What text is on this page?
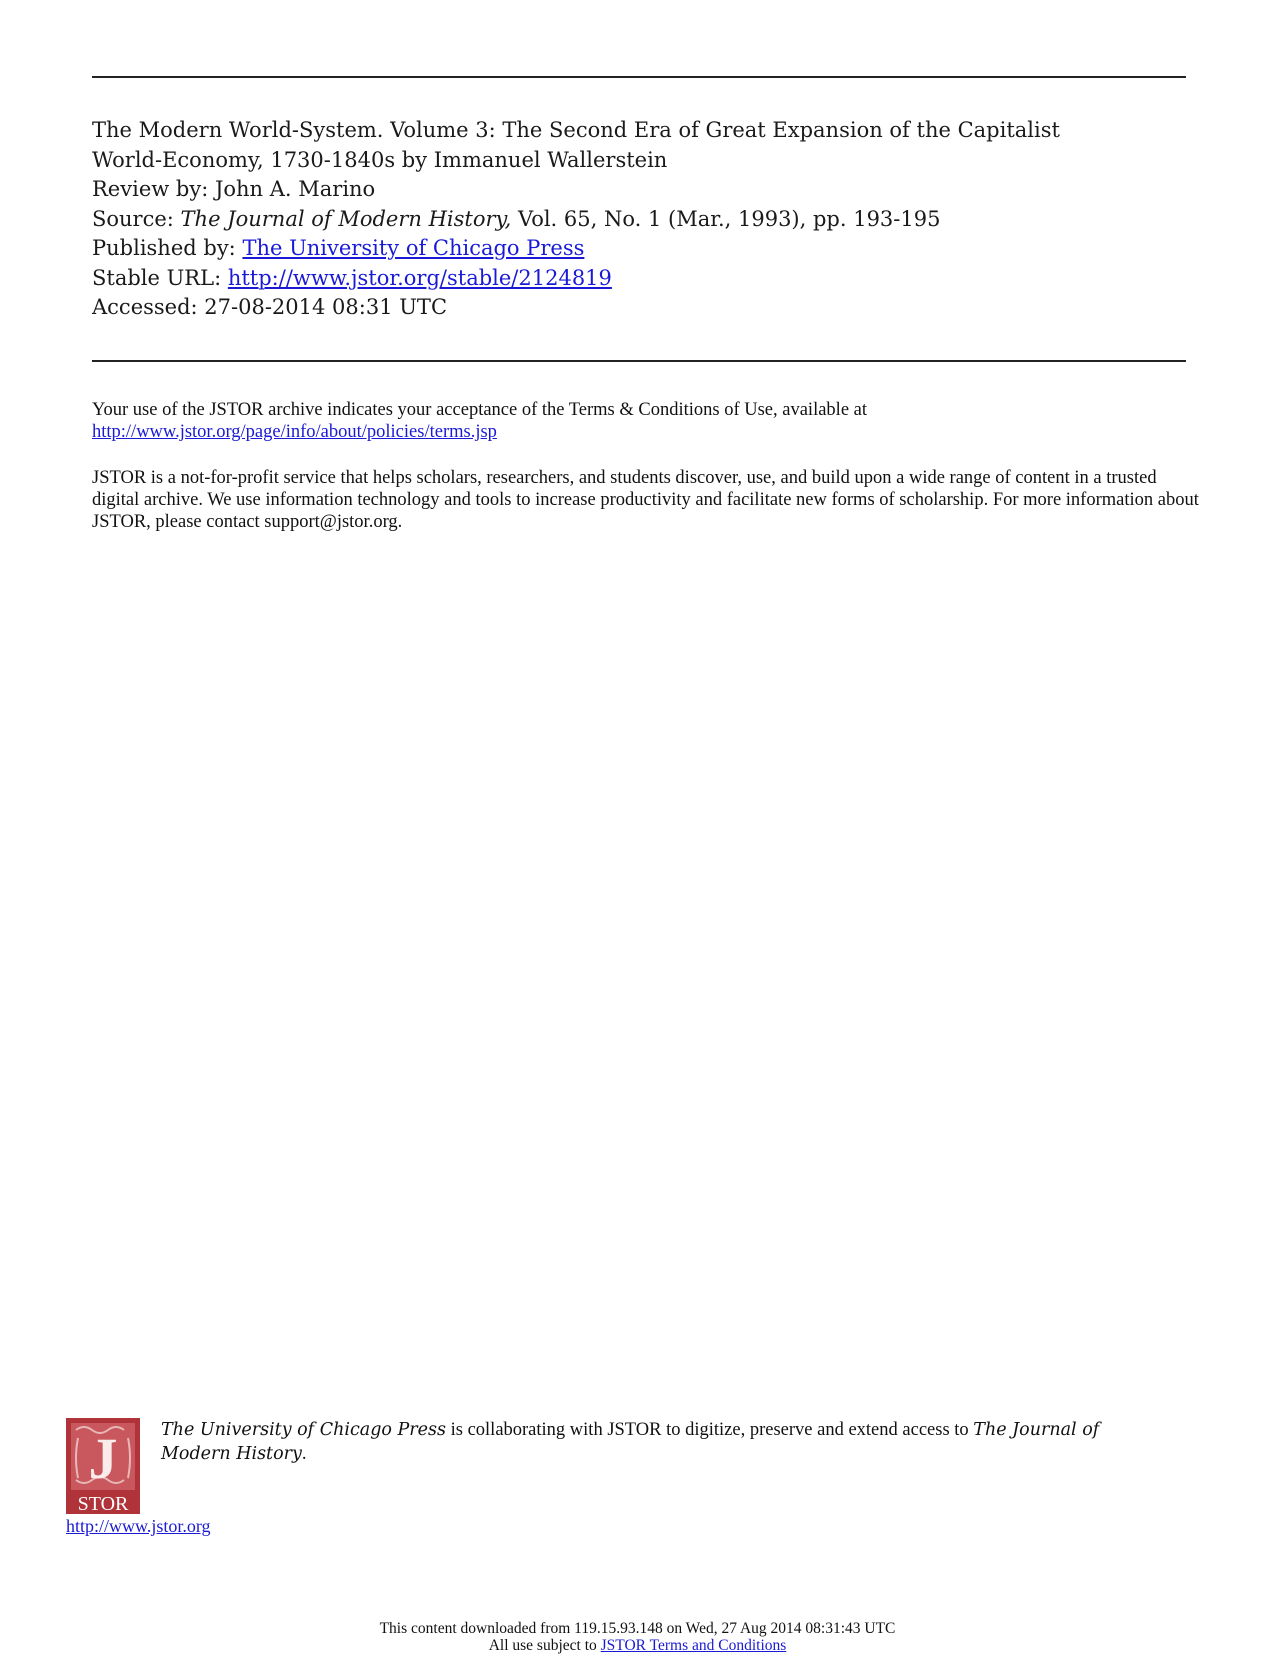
The Modern World-System. Volume 3: The Second Era of Great Expansion of the Capitalist
World-Economy, 1730-1840s by Immanuel Wallerstein
Review by: John A. Marino
Source: The Journal of Modern History, Vol. 65, No. 1 (Mar., 1993), pp. 193-195
Published by: The University of Chicago Press
Stable URL: http://www.jstor.org/stable/2124819
Accessed: 27-08-2014 08:31 UTC
Your use of the JSTOR archive indicates your acceptance of the Terms & Conditions of Use, available at
http://www.jstor.org/page/info/about/policies/terms.jsp
JSTOR is a not-for-profit service that helps scholars, researchers, and students discover, use, and build upon a wide range of content in a trusted digital archive. We use information technology and tools to increase productivity and facilitate new forms of scholarship. For more information about JSTOR, please contact support@jstor.org.
J
STOR
The University of Chicago Press is collaborating with JSTOR to digitize, preserve and extend access to The Journal of Modern History.
http://www.jstor.org
This content downloaded from 119.15.93.148 on Wed, 27 Aug 2014 08:31:43 UTC
All use subject to JSTOR Terms and Conditions
